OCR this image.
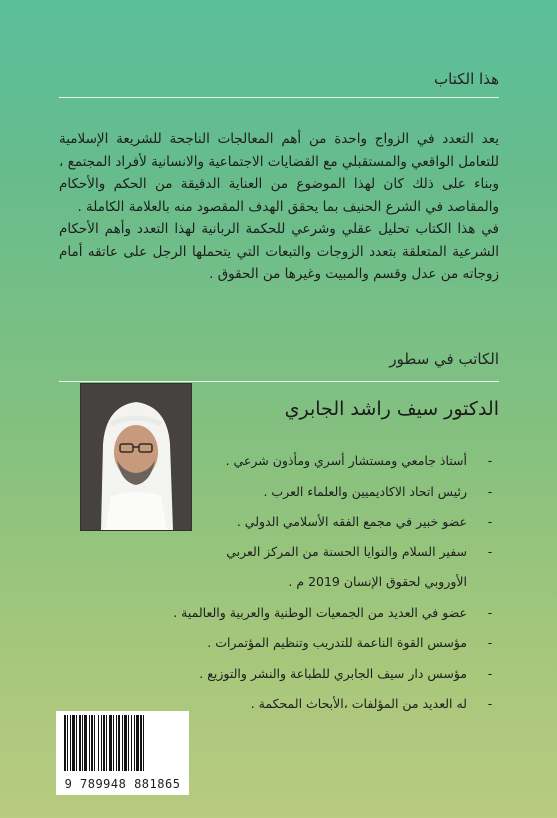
هذا الكتاب

يعد التعدد في الزواج واحدة من أهم المعالجات الناجحة للشريعة الإسلامية للتعامل الواقعي والمستقبلي مع القضايات الاجتماعية والانسانية لأفراد المجتمع ، وبناء على ذلك كان لهذا الموضوع من العناية الدقيقة من الحكم والأحكام والمقاصد في الشرع الحنيف بما يحقق الهدف المقصود منه بالعلامة الكاملة .

في هذا الكتاب تحليل عقلي وشرعي للحكمة الربانية لهذا التعدد وأهم الأحكام الشرعية المتعلقة بتعدد الزوجات والتبعات التي يتحملها الرجل على عاتقه أمام زوجاته من عدل وقسم والمبيت وغيرها من الحقوق .

الكاتب في سطور
الدكتور سيف راشد الجابري
-أستاذ جامعي ومستشار أسري ومأذون شرعي .
-رئيس اتحاد الاكاديميين والعلماء العرب .
-عضو خبير في مجمع الفقه الأسلامي الدولي .
-سفير السلام والنوايا الحسنة من المركز العربي
الأوروبي لحقوق الإنسان 2019 م .
-عضو في العديد من الجمعيات الوطنية والعربية والعالمية .
-مؤسس القوة الناعمة للتدريب وتنظيم المؤتمرات .
-مؤسس دار سيف الجابري للطباعة والنشر والتوزيع .
-له العديد من المؤلفات ،الأبحاث المحكمة .
9 789948 881865
